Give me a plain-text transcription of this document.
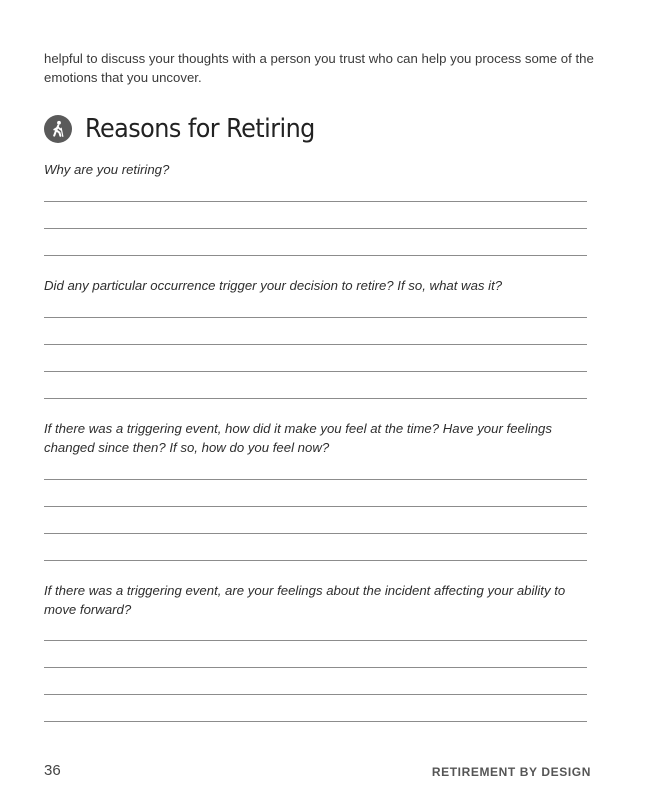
helpful to discuss your thoughts with a person you trust who can help you process some of the emotions that you uncover.

Reasons for Retiring

Why are you retiring?

Did any particular occurrence trigger your decision to retire? If so, what was it?

If there was a triggering event, how did it make you feel at the time? Have your feelings changed since then? If so, how do you feel now?

If there was a triggering event, are your feelings about the incident affecting your ability to move forward?

36	RETIREMENT BY DESIGN
